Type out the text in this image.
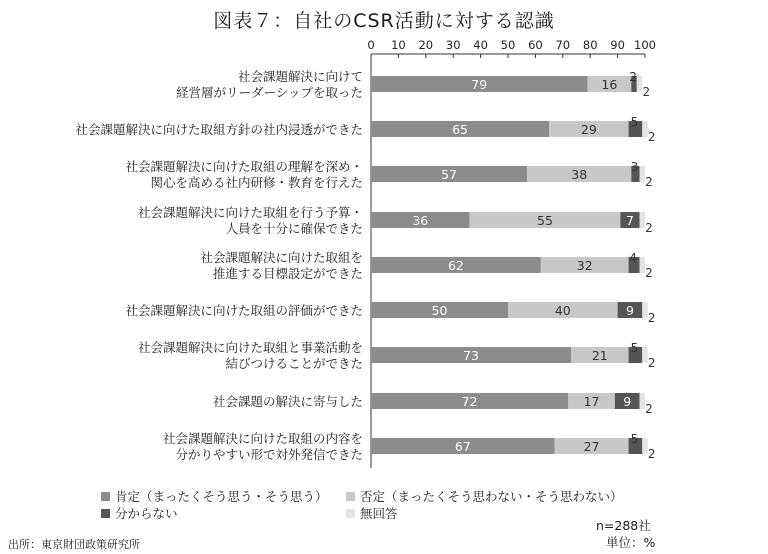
図表７：自社のCSR活動に対する認識
0 10 20 30 40 50 60 70 80 90 100
社会課題解決に向けて
経営層がリーダーシップを取った
社会課題解決に向けた取組方針の社内浸透ができた
社会課題解決に向けた取組の理解を深め・
関心を高める社内研修・教育を行えた
社会課題解決に向けた取組を行う予算・
人員を十分に確保できた
社会課題解決に向けた取組を
推進する目標設定ができた
社会課題解決に向けた取組の評価ができた
社会課題解決に向けた取組と事業活動を
結びつけることができた
社会課題の解決に寄与した
社会課題解決に向けた取組の内容を
分かりやすい形で対外発信できた
79	16 2
2
65	29	5
2
57	38	3
2
36	55	7 2
62	32	4
2
50	40	9 2
73	21 5
2
72	17 9 2
67	27	5
2
肯定（まったくそう思う・そう思う）	否定（まったくそう思わない・そう思わない）
分からない	無回答
n=288社
単位：%
出所：東京財団政策研究所
